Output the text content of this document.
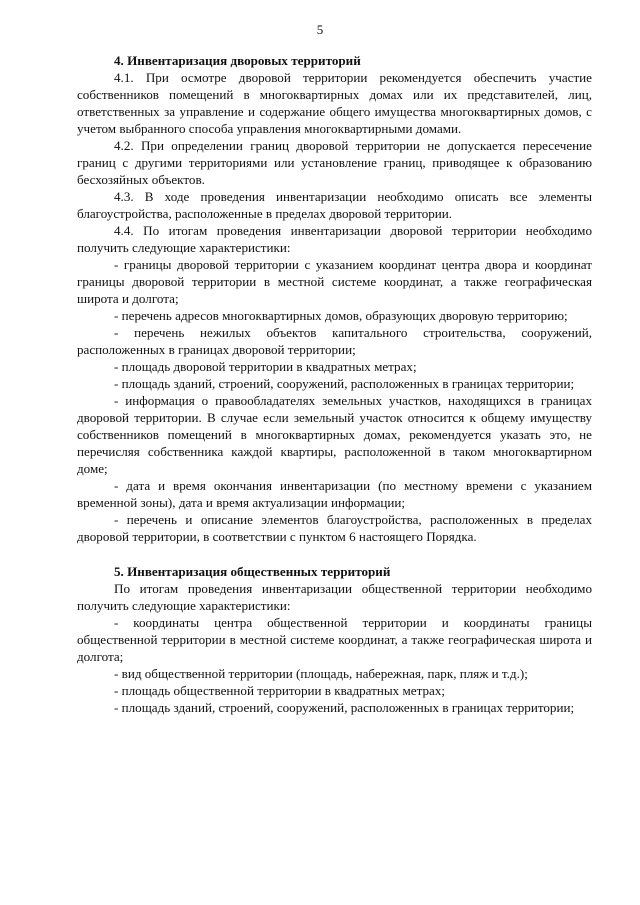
5
4. Инвентаризация дворовых территорий

4.1. При осмотре дворовой территории рекомендуется обеспечить участие собственников помещений в многоквартирных домах или их представителей, лиц, ответственных за управление и содержание общего имущества многоквартирных домов, с учетом выбранного способа управления многоквартирными домами.

4.2. При определении границ дворовой территории не допускается пересечение границ с другими территориями или установление границ, приводящее к образованию бесхозяйных объектов.

4.3. В ходе проведения инвентаризации необходимо описать все элементы благоустройства, расположенные в пределах дворовой территории.

4.4. По итогам проведения инвентаризации дворовой территории необходимо получить следующие характеристики:

- границы дворовой территории с указанием координат центра двора и координат границы дворовой территории в местной системе координат, а также географическая широта и долгота;

- перечень адресов многоквартирных домов, образующих дворовую территорию;

- перечень нежилых объектов капитального строительства, сооружений, расположенных в границах дворовой территории;

- площадь дворовой территории в квадратных метрах;

- площадь зданий, строений, сооружений, расположенных в границах территории;

- информация о правообладателях земельных участков, находящихся в границах дворовой территории. В случае если земельный участок относится к общему имуществу собственников помещений в многоквартирных домах, рекомендуется указать это, не перечисляя собственника каждой квартиры, расположенной в таком многоквартирном доме;

- дата и время окончания инвентаризации (по местному времени с указанием временной зоны), дата и время актуализации информации;

- перечень и описание элементов благоустройства, расположенных в пределах дворовой территории, в соответствии с пунктом 6 настоящего Порядка.

5. Инвентаризация общественных территорий

По итогам проведения инвентаризации общественной территории необходимо получить следующие характеристики:

- координаты центра общественной территории и координаты границы общественной территории в местной системе координат, а также географическая широта и долгота;

- вид общественной территории (площадь, набережная, парк, пляж и т.д.);

- площадь общественной территории в квадратных метрах;

- площадь зданий, строений, сооружений, расположенных в границах территории;
